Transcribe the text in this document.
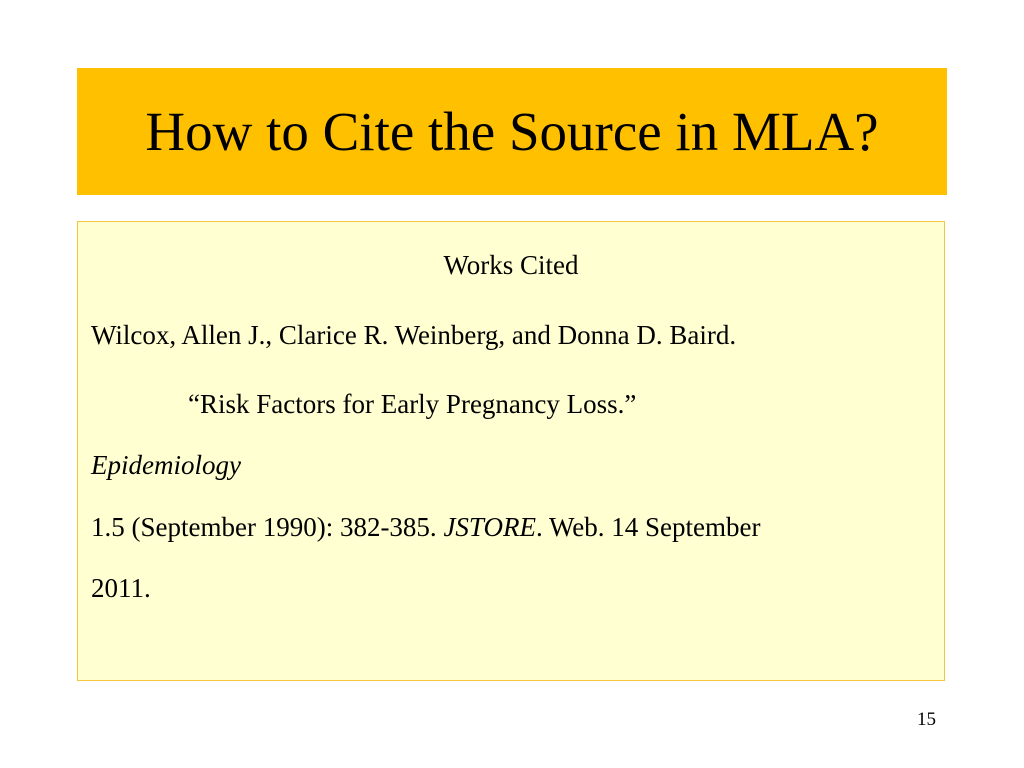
How to Cite the Source in MLA?
Works Cited
Wilcox, Allen J., Clarice R. Weinberg, and Donna D. Baird.
“Risk Factors for Early Pregnancy Loss.”
Epidemiology
1.5 (September 1990): 382-385. JSTORE. Web. 14 September
2011.
15
